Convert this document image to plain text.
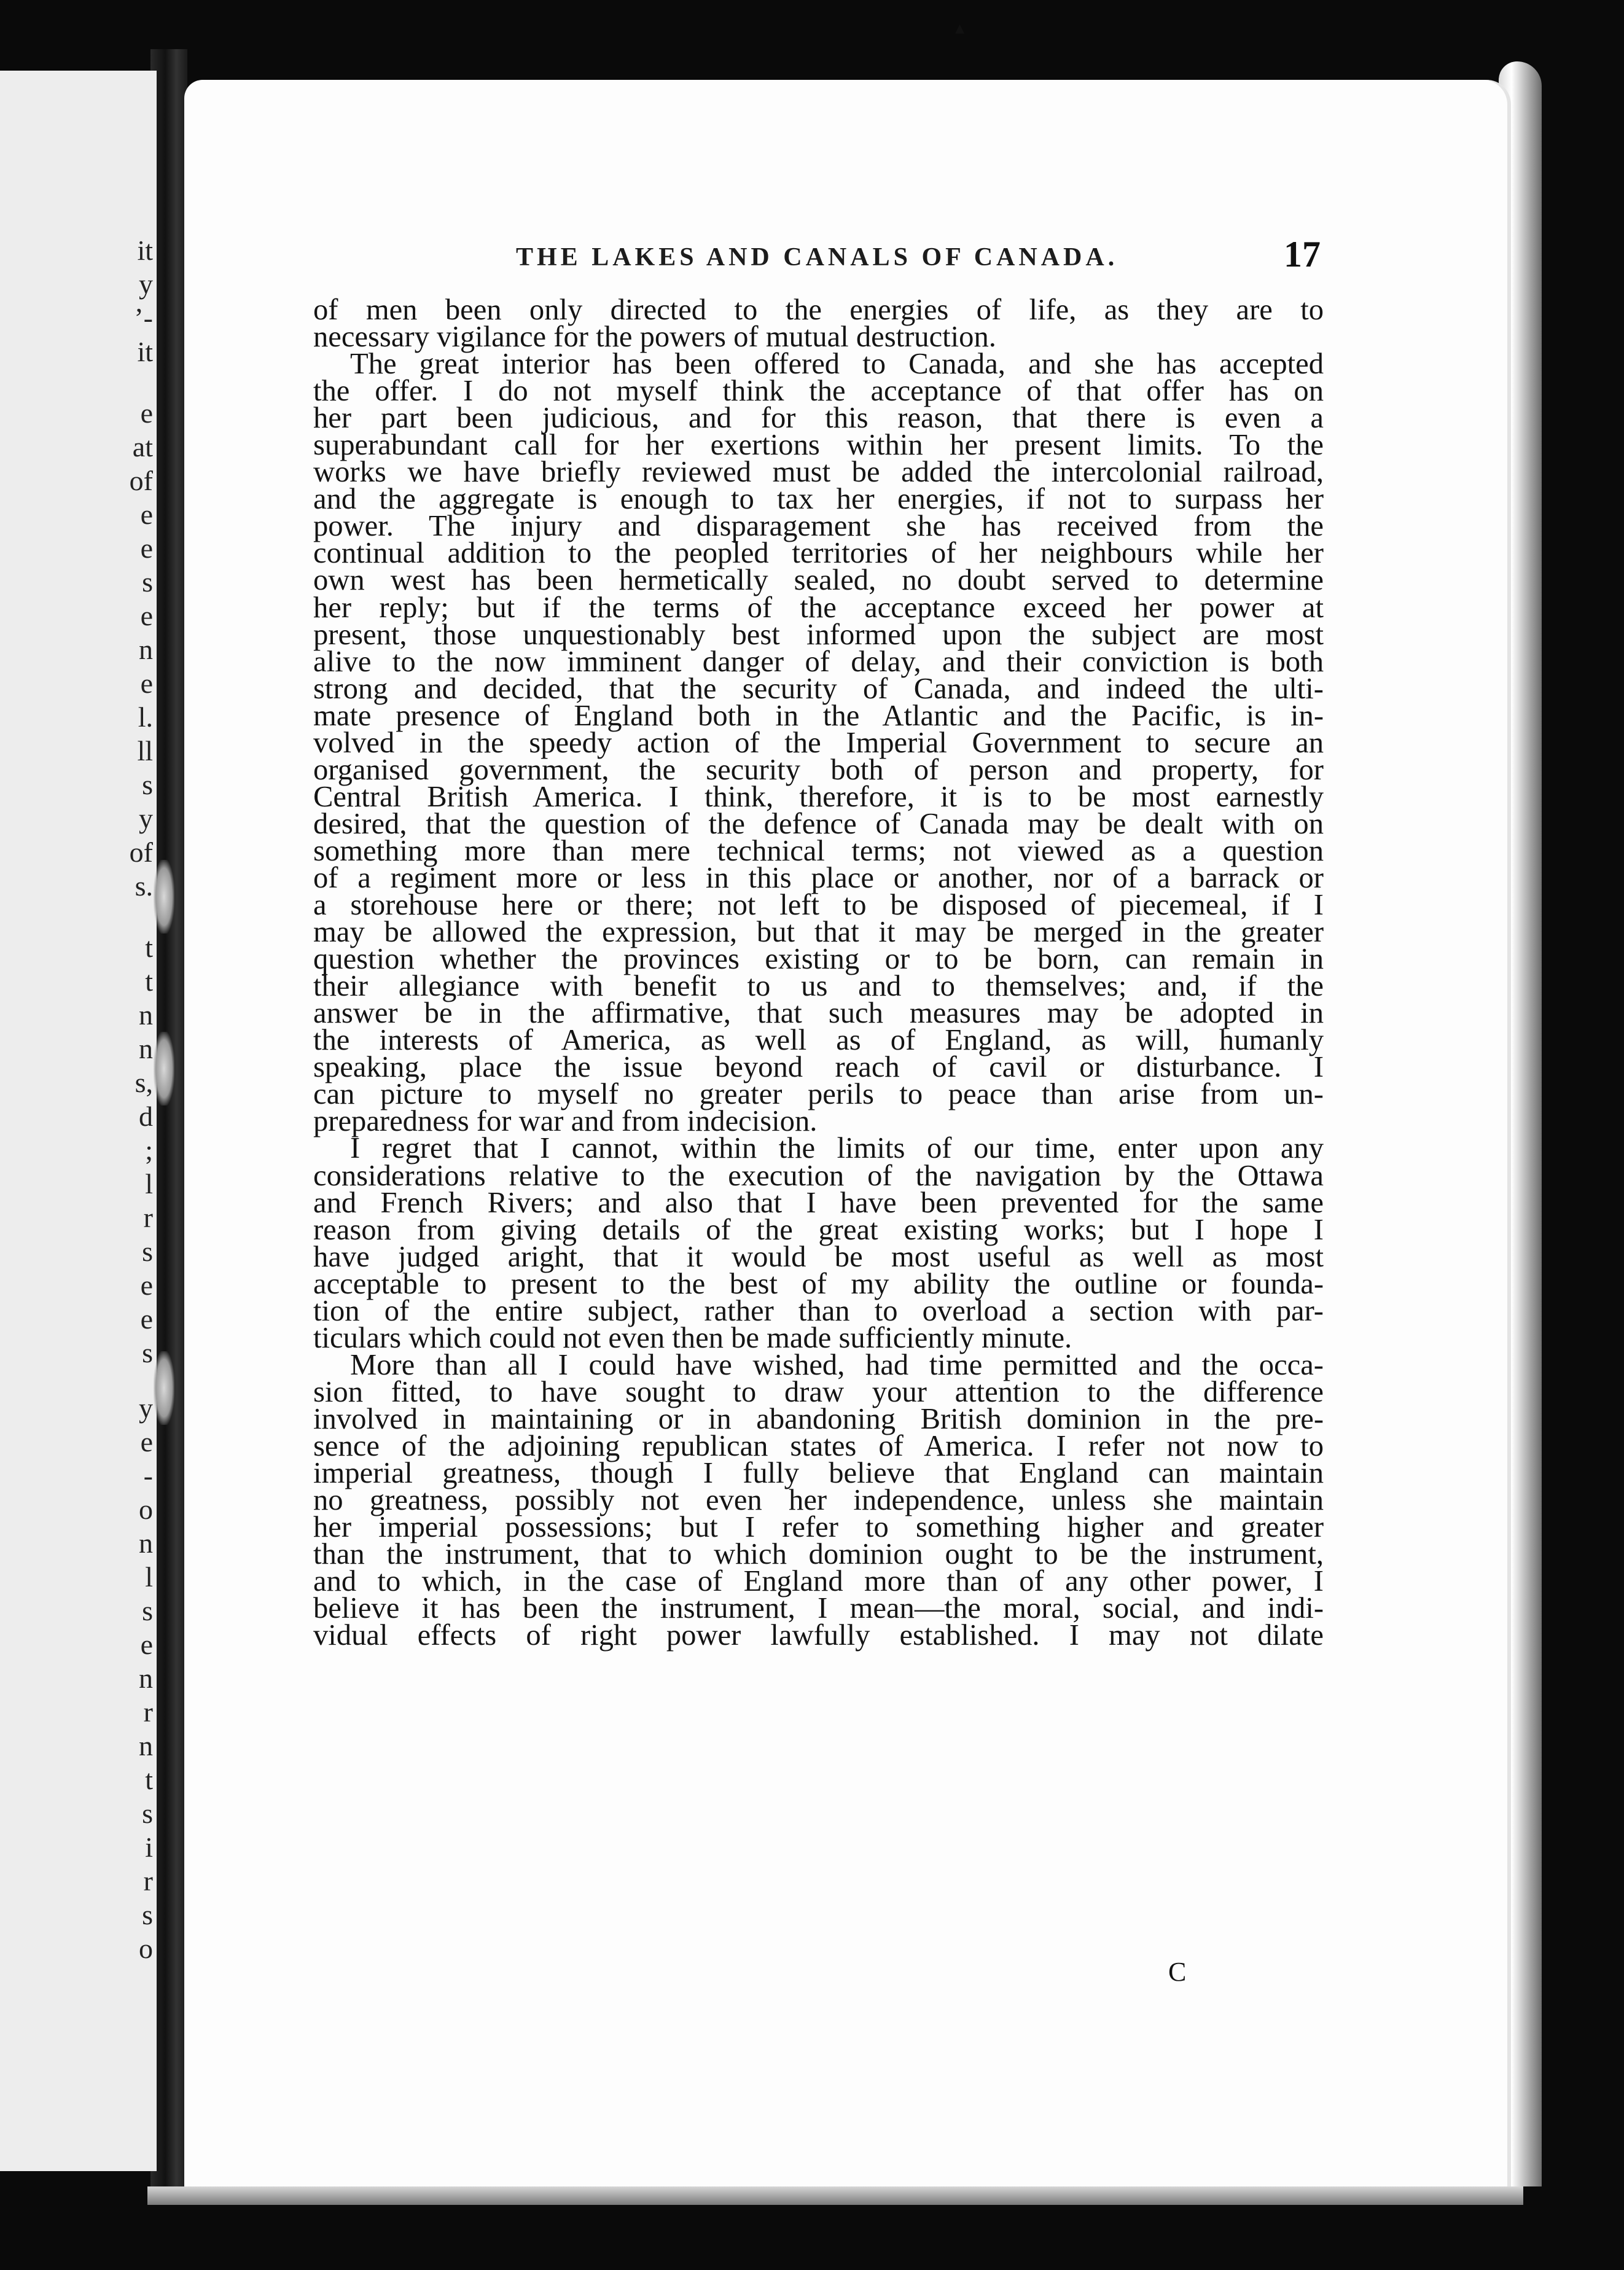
it
y
’-
it
e
at
of
e
e
s
e
n
e
l.
ll
s
y
of
s.
t
t
n
n
s,
d
;
l
r
s
e
e
s
y
e
-
o
n
l
s
e
n
r
n
t
s
i
r
s
o
▴
THE LAKES AND CANALS OF CANADA.	17
of men been only directed to the energies of life, as they are to
necessary vigilance for the powers of mutual destruction.
The great interior has been offered to Canada, and she has accepted
the offer. I do not myself think the acceptance of that offer has on
her part been judicious, and for this reason, that there is even a
superabundant call for her exertions within her present limits. To the
works we have briefly reviewed must be added the intercolonial railroad,
and the aggregate is enough to tax her energies, if not to surpass her
power. The injury and disparagement she has received from the
continual addition to the peopled territories of her neighbours while her
own west has been hermetically sealed, no doubt served to determine
her reply; but if the terms of the acceptance exceed her power at
present, those unquestionably best informed upon the subject are most
alive to the now imminent danger of delay, and their conviction is both
strong and decided, that the security of Canada, and indeed the ulti-
mate presence of England both in the Atlantic and the Pacific, is in-
volved in the speedy action of the Imperial Government to secure an
organised government, the security both of person and property, for
Central British America. I think, therefore, it is to be most earnestly
desired, that the question of the defence of Canada may be dealt with on
something more than mere technical terms; not viewed as a question
of a regiment more or less in this place or another, nor of a barrack or
a storehouse here or there; not left to be disposed of piecemeal, if I
may be allowed the expression, but that it may be merged in the greater
question whether the provinces existing or to be born, can remain in
their allegiance with benefit to us and to themselves; and, if the
answer be in the affirmative, that such measures may be adopted in
the interests of America, as well as of England, as will, humanly
speaking, place the issue beyond reach of cavil or disturbance. I
can picture to myself no greater perils to peace than arise from un-
preparedness for war and from indecision.
I regret that I cannot, within the limits of our time, enter upon any
considerations relative to the execution of the navigation by the Ottawa
and French Rivers; and also that I have been prevented for the same
reason from giving details of the great existing works; but I hope I
have judged aright, that it would be most useful as well as most
acceptable to present to the best of my ability the outline or founda-
tion of the entire subject, rather than to overload a section with par-
ticulars which could not even then be made sufficiently minute.
More than all I could have wished, had time permitted and the occa-
sion fitted, to have sought to draw your attention to the difference
involved in maintaining or in abandoning British dominion in the pre-
sence of the adjoining republican states of America. I refer not now to
imperial greatness, though I fully believe that England can maintain
no greatness, possibly not even her independence, unless she maintain
her imperial possessions; but I refer to something higher and greater
than the instrument, that to which dominion ought to be the instrument,
and to which, in the case of England more than of any other power, I
believe it has been the instrument, I mean—the moral, social, and indi-
vidual effects of right power lawfully established. I may not dilate
C
